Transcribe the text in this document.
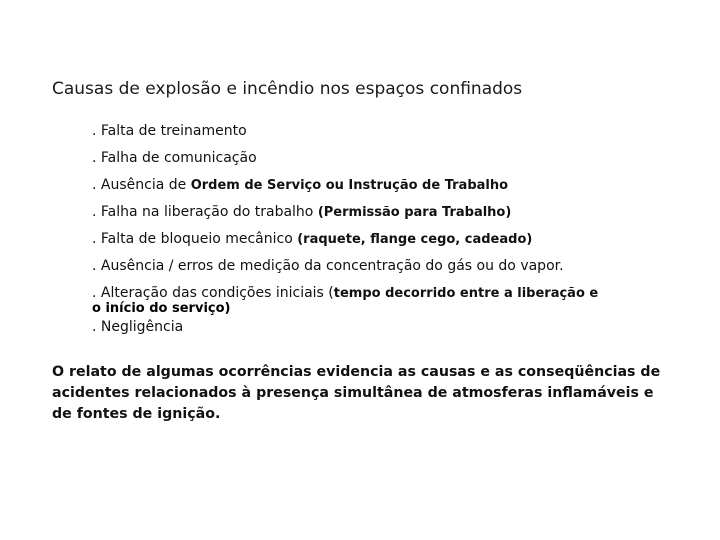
Causas de explosão e incêndio nos espaços confinados
. Falta de treinamento
. Falha de comunicação
. Ausência de Ordem de Serviço ou Instrução de Trabalho
. Falha na liberação do trabalho (Permissão para Trabalho)
. Falta de bloqueio mecânico (raquete, flange cego, cadeado)
. Ausência / erros de medição da concentração do gás ou do vapor.
. Alteração das condições iniciais (tempo decorrido entre a liberação e
o início do serviço)
. Negligência
O relato de algumas ocorrências evidencia as causas e as conseqüências de acidentes relacionados à presença simultânea de atmosferas inflamáveis e de fontes de ignição.
